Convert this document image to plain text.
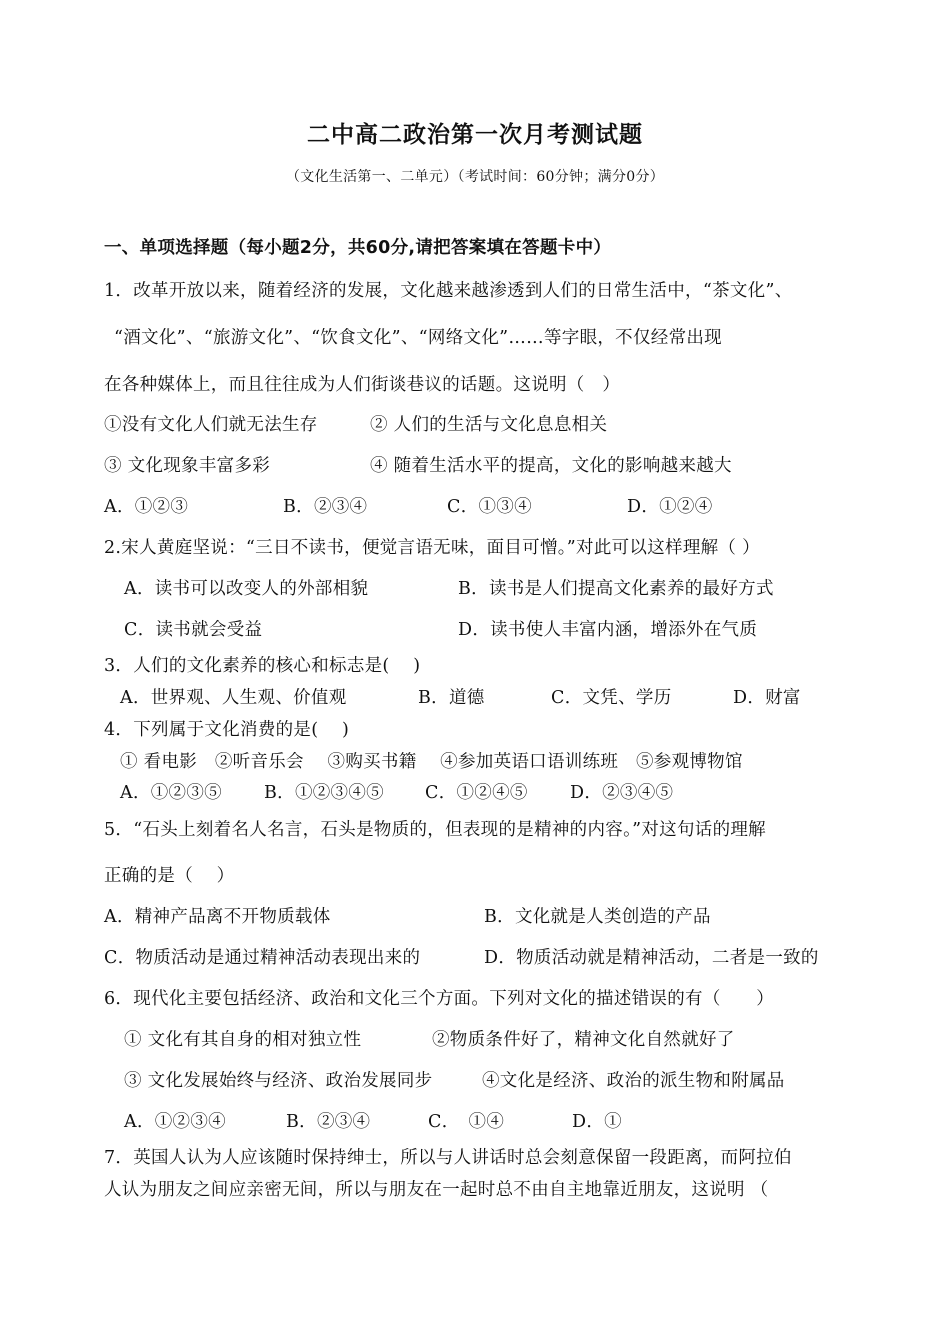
二中高二政治第一次月考测试题
（文化生活第一、二单元）（考试时间：60分钟；满分0分）
一、单项选择题（每小题2分，共60分,请把答案填在答题卡中）
1．改革开放以来，随着经济的发展，文化越来越渗透到人们的日常生活中，“茶文化”、
“酒文化”、“旅游文化”、“饮食文化”、“网络文化”……等字眼，不仅经常出现
在各种媒体上，而且往往成为人们街谈巷议的话题。这说明（　）
①没有文化人们就无法生存	② 人们的生活与文化息息相关
③ 文化现象丰富多彩	④ 随着生活水平的提高，文化的影响越来越大
A．①②③	B．②③④	C．①③④	D．①②④
2.宋人黄庭坚说：“三日不读书，便觉言语无味，面目可憎。”对此可以这样理解（ ）
A．读书可以改变人的外部相貌	B．读书是人们提高文化素养的最好方式
C．读书就会受益	D．读书使人丰富内涵，增添外在气质
3．人们的文化素养的核心和标志是(　 )
A．世界观、人生观、价值观	B．道德	C．文凭、学历	D．财富
4．下列属于文化消费的是(　 )
① 看电影　②听音乐会　 ③购买书籍　 ④参加英语口语训练班　⑤参观博物馆
A．①②③⑤ B．①②③④⑤ C．①②④⑤ D．②③④⑤
5．“石头上刻着名人名言，石头是物质的，但表现的是精神的内容。”对这句话的理解
正确的是（　 ）
A．精神产品离不开物质载体	B．文化就是人类创造的产品
C．物质活动是通过精神活动表现出来的	D．物质活动就是精神活动，二者是一致的
6．现代化主要包括经济、政治和文化三个方面。下列对文化的描述错误的有（　　）
① 文化有其自身的相对独立性	②物质条件好了，精神文化自然就好了
③ 文化发展始终与经济、政治发展同步	④文化是经济、政治的派生物和附属品
A．①②③④	B．②③④	C．　①④	D．①
7．英国人认为人应该随时保持绅士，所以与人讲话时总会刻意保留一段距离，而阿拉伯
人认为朋友之间应亲密无间，所以与朋友在一起时总不由自主地靠近朋友，这说明 （
